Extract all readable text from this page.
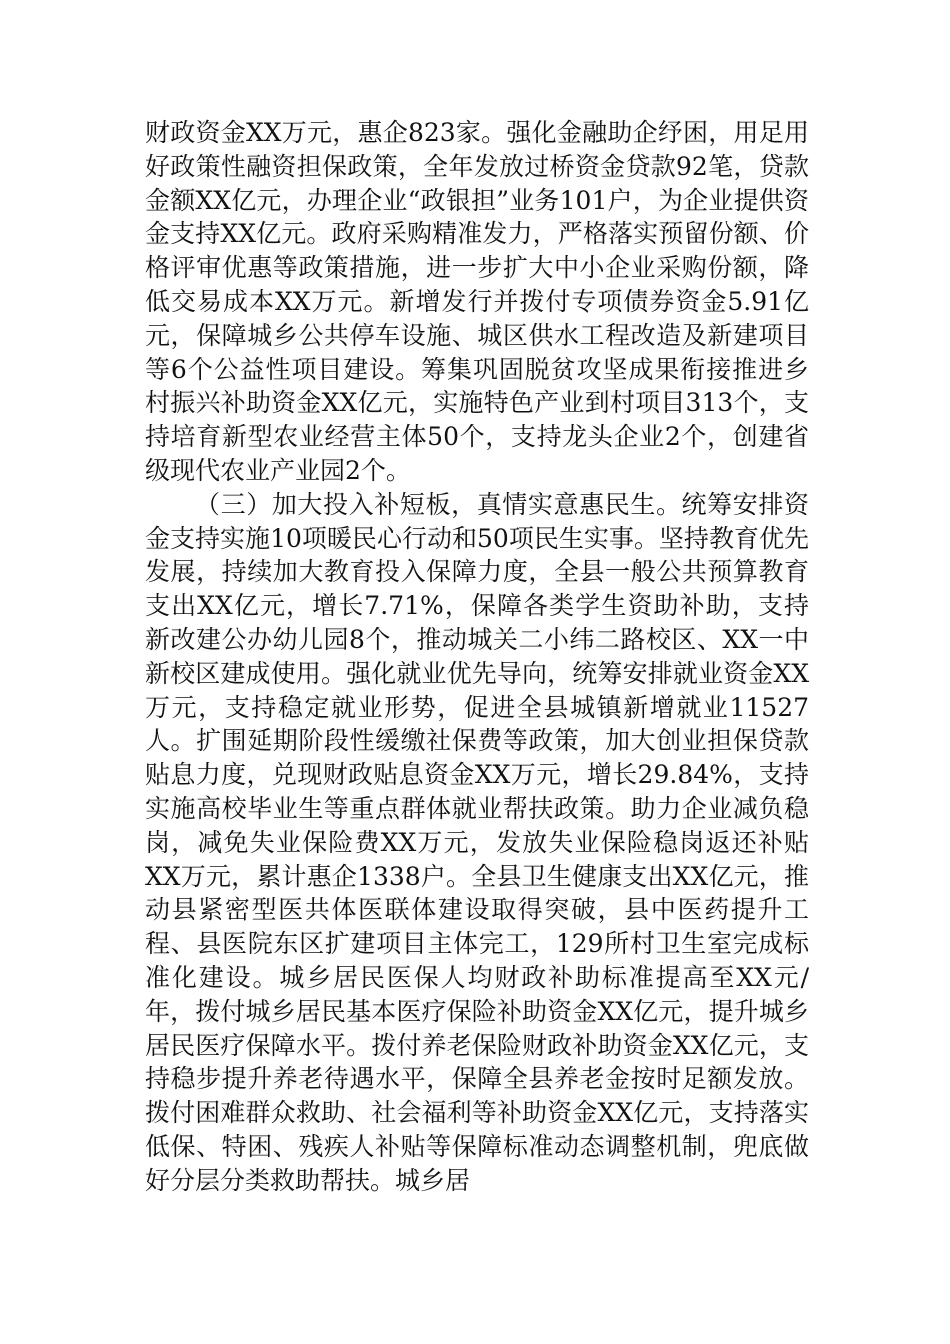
财政资金XX万元，惠企823家。强化金融助企纾困，用足用好政策性融资担保政策，全年发放过桥资金贷款92笔，贷款金额XX亿元，办理企业“政银担”业务101户，为企业提供资金支持XX亿元。政府采购精准发力，严格落实预留份额、价格评审优惠等政策措施，进一步扩大中小企业采购份额，降低交易成本XX万元。新增发行并拨付专项债券资金5.91亿元，保障城乡公共停车设施、城区供水工程改造及新建项目等6个公益性项目建设。筹集巩固脱贫攻坚成果衔接推进乡村振兴补助资金XX亿元，实施特色产业到村项目313个，支持培育新型农业经营主体50个，支持龙头企业2个，创建省级现代农业产业园2个。

（三）加大投入补短板，真情实意惠民生。统筹安排资金支持实施10项暖民心行动和50项民生实事。坚持教育优先发展，持续加大教育投入保障力度，全县一般公共预算教育支出XX亿元，增长7.71%，保障各类学生资助补助，支持新改建公办幼儿园8个，推动城关二小纬二路校区、XX一中新校区建成使用。强化就业优先导向，统筹安排就业资金XX万元，支持稳定就业形势，促进全县城镇新增就业11527人。扩围延期阶段性缓缴社保费等政策，加大创业担保贷款贴息力度，兑现财政贴息资金XX万元，增长29.84%，支持实施高校毕业生等重点群体就业帮扶政策。助力企业减负稳岗，减免失业保险费XX万元，发放失业保险稳岗返还补贴XX万元，累计惠企1338户。全县卫生健康支出XX亿元，推动县紧密型医共体医联体建设取得突破，县中医药提升工程、县医院东区扩建项目主体完工，129所村卫生室完成标准化建设。城乡居民医保人均财政补助标准提高至XX元/年，拨付城乡居民基本医疗保险补助资金XX亿元，提升城乡居民医疗保障水平。拨付养老保险财政补助资金XX亿元，支持稳步提升养老待遇水平，保障全县养老金按时足额发放。拨付困难群众救助、社会福利等补助资金XX亿元，支持落实低保、特困、残疾人补贴等保障标准动态调整机制，兜底做好分层分类救助帮扶。城乡居
